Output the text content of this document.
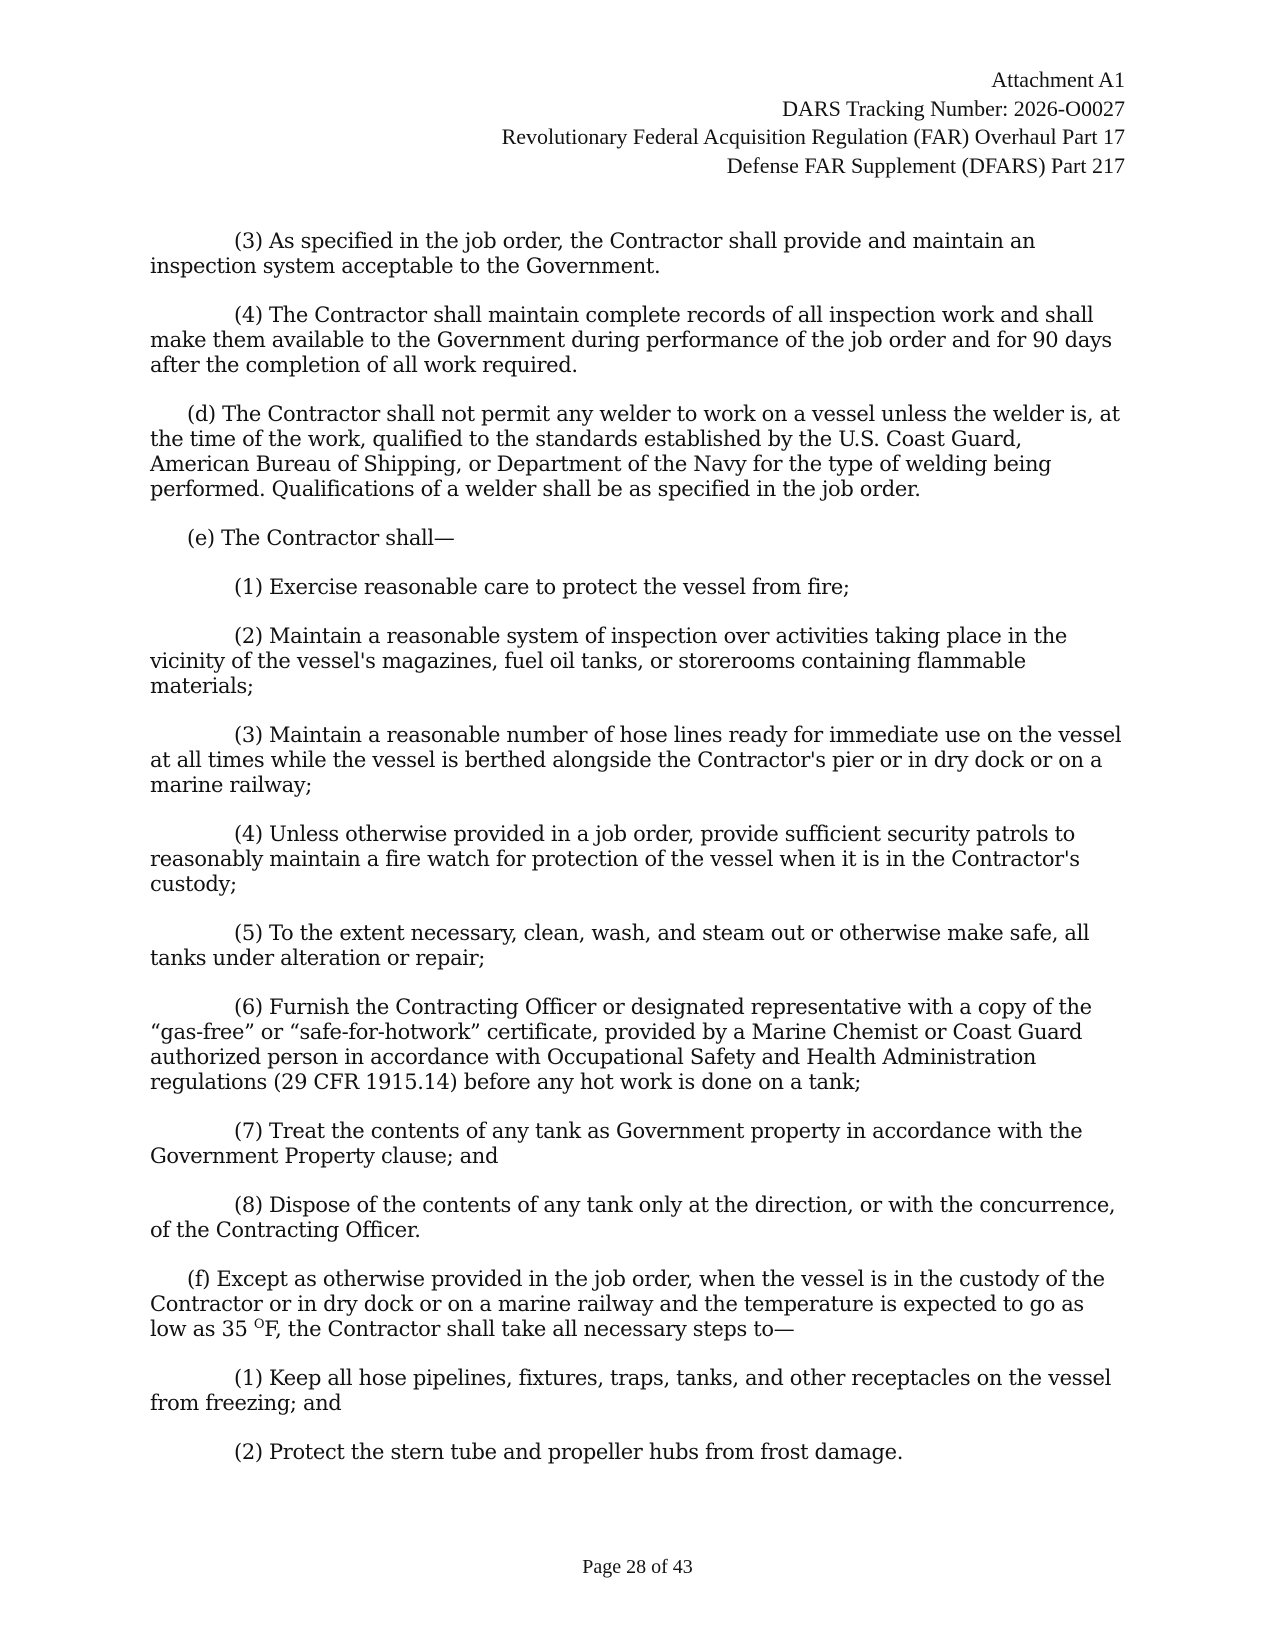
Attachment A1
DARS Tracking Number: 2026-O0027
Revolutionary Federal Acquisition Regulation (FAR) Overhaul Part 17
Defense FAR Supplement (DFARS) Part 217

(3) As specified in the job order, the Contractor shall provide and maintain an inspection system acceptable to the Government.

(4) The Contractor shall maintain complete records of all inspection work and shall make them available to the Government during performance of the job order and for 90 days after the completion of all work required.

(d) The Contractor shall not permit any welder to work on a vessel unless the welder is, at the time of the work, qualified to the standards established by the U.S. Coast Guard, American Bureau of Shipping, or Department of the Navy for the type of welding being performed. Qualifications of a welder shall be as specified in the job order.

(e) The Contractor shall—

(1) Exercise reasonable care to protect the vessel from fire;

(2) Maintain a reasonable system of inspection over activities taking place in the vicinity of the vessel's magazines, fuel oil tanks, or storerooms containing flammable materials;

(3) Maintain a reasonable number of hose lines ready for immediate use on the vessel at all times while the vessel is berthed alongside the Contractor's pier or in dry dock or on a marine railway;

(4) Unless otherwise provided in a job order, provide sufficient security patrols to reasonably maintain a fire watch for protection of the vessel when it is in the Contractor's custody;

(5) To the extent necessary, clean, wash, and steam out or otherwise make safe, all tanks under alteration or repair;

(6) Furnish the Contracting Officer or designated representative with a copy of the “gas-free” or “safe-for-hotwork” certificate, provided by a Marine Chemist or Coast Guard authorized person in accordance with Occupational Safety and Health Administration regulations (29 CFR 1915.14) before any hot work is done on a tank;

(7) Treat the contents of any tank as Government property in accordance with the Government Property clause; and

(8) Dispose of the contents of any tank only at the direction, or with the concurrence, of the Contracting Officer.

(f) Except as otherwise provided in the job order, when the vessel is in the custody of the Contractor or in dry dock or on a marine railway and the temperature is expected to go as low as 35 $^O$F, the Contractor shall take all necessary steps to—

(1) Keep all hose pipelines, fixtures, traps, tanks, and other receptacles on the vessel from freezing; and

(2) Protect the stern tube and propeller hubs from frost damage.

Page 28 of 43
